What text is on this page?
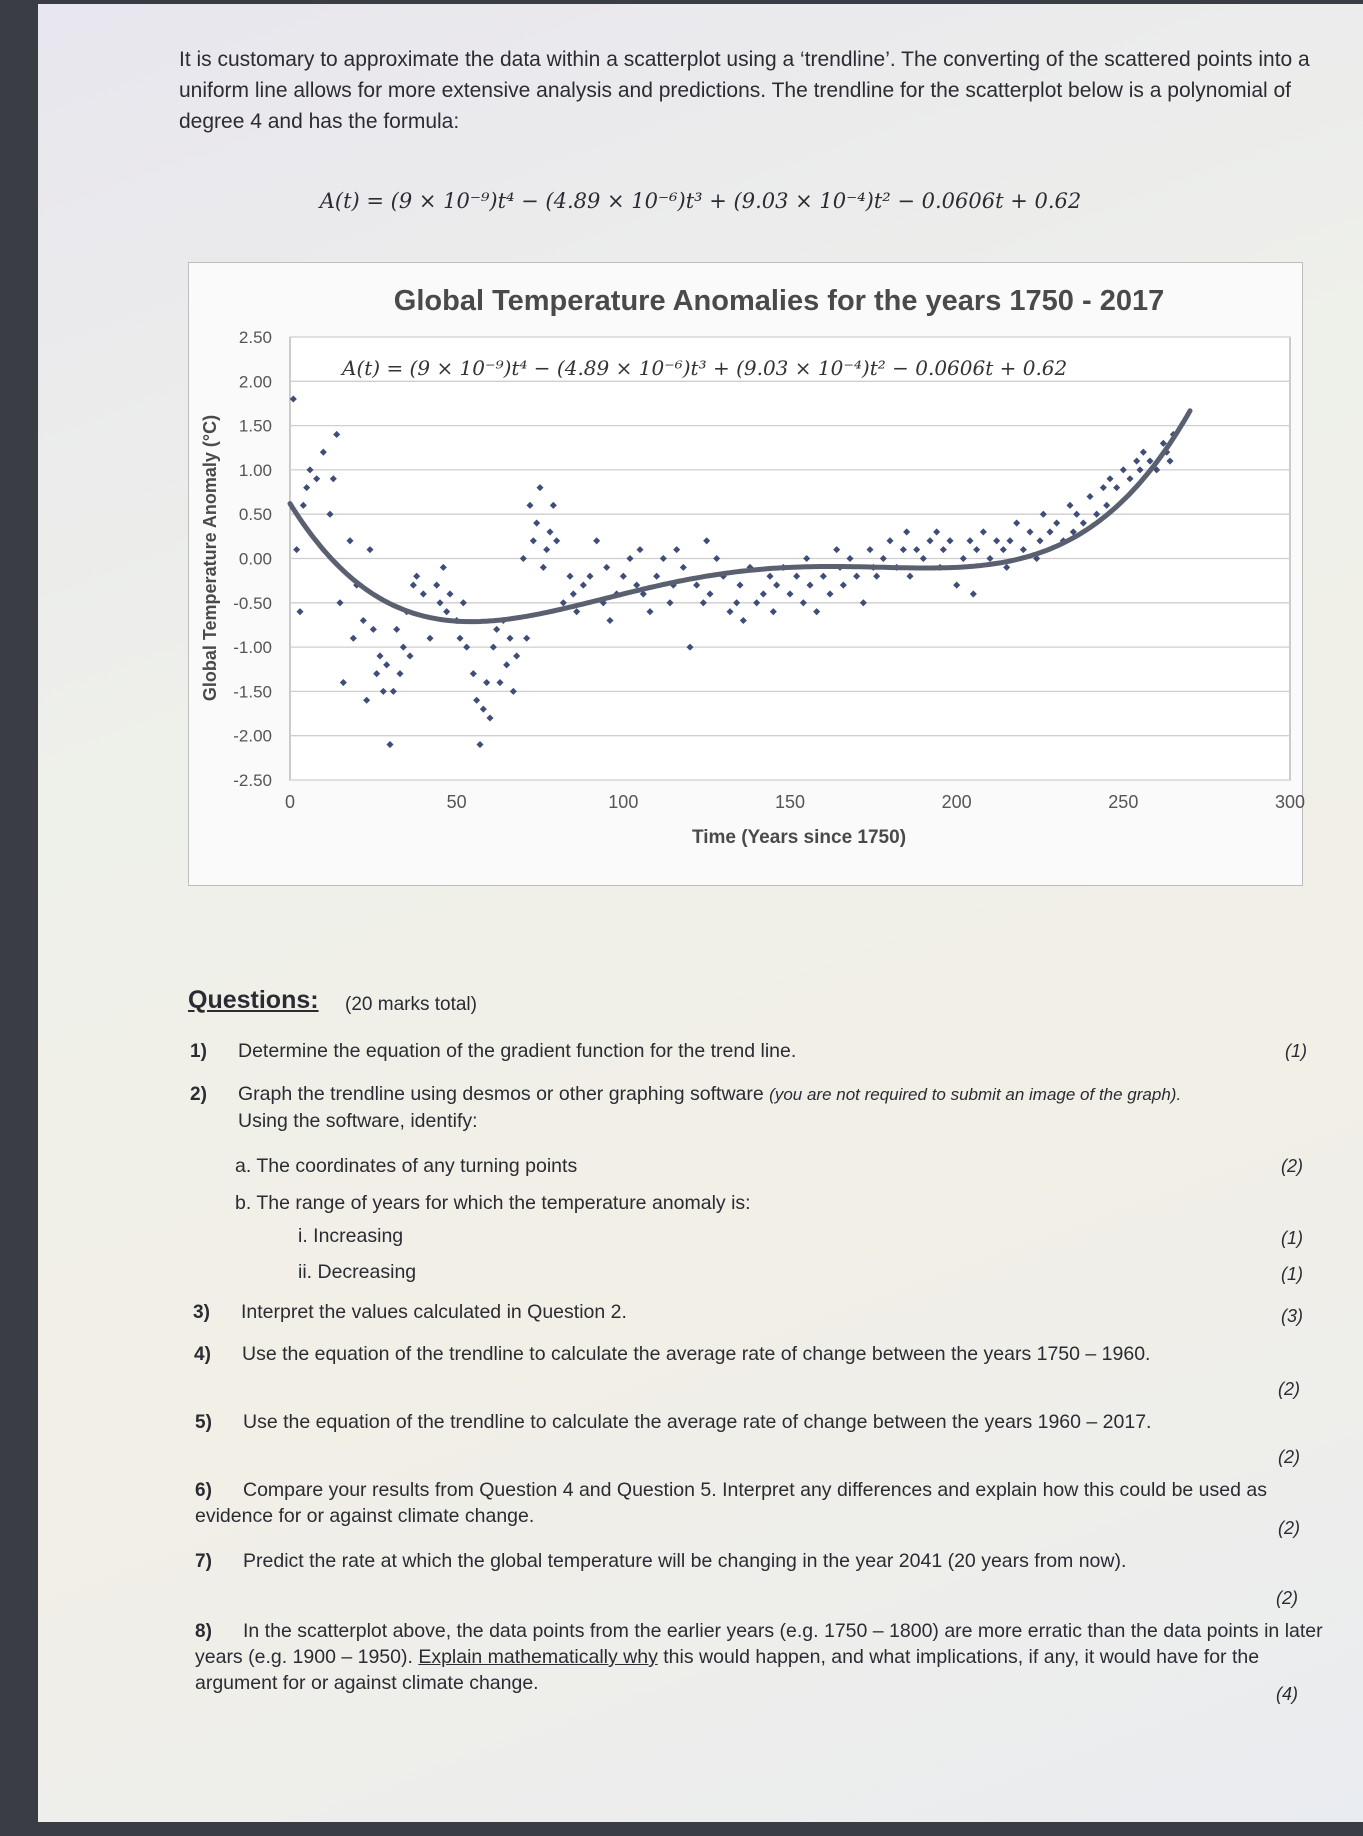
It is customary to approximate the data within a scatterplot using a ‘trendline’. The converting of the scattered points into a uniform line allows for more extensive analysis and predictions. The trendline for the scatterplot below is a polynomial of degree 4 and has the formula:
A(t) = (9 × 10⁻⁹)t⁴ − (4.89 × 10⁻⁶)t³ + (9.03 × 10⁻⁴)t² − 0.0606t + 0.62
Global Temperature Anomalies for the years 1750 - 2017
2.50
2.00
1.50
1.00
0.50
0.00
-0.50
-1.00
-1.50
-2.00
-2.50
0	50	100	150	200	250	300
A(t) = (9 × 10⁻⁹)t⁴ − (4.89 × 10⁻⁶)t³ + (9.03 × 10⁻⁴)t² − 0.0606t + 0.62
Time (Years since 1750)
Global Temperature Anomaly (°C)
Questions: (20 marks total)
1) Determine the equation of the gradient function for the trend line.	(1)
2) Graph the trendline using desmos or other graphing software (you are not required to submit an image of the graph).
Using the software, identify:
a. The coordinates of any turning points	(2)
b. The range of years for which the temperature anomaly is:
i. Increasing	(1)
ii. Decreasing	(1)
3) Interpret the values calculated in Question 2.	(3)
4) Use the equation of the trendline to calculate the average rate of change between the years 1750 – 1960.
(2)
5) Use the equation of the trendline to calculate the average rate of change between the years 1960 – 2017.
(2)
6)	Compare your results from Question 4 and Question 5. Interpret any differences and explain how this could be used as evidence for or against climate change.
(2)
7) Predict the rate at which the global temperature will be changing in the year 2041 (20 years from now).
(2)
8)	In the scatterplot above, the data points from the earlier years (e.g. 1750 – 1800) are more erratic than the data points in later years (e.g. 1900 – 1950). Explain mathematically why this would happen, and what implications, if any, it would have for the argument for or against climate change.	(4)
